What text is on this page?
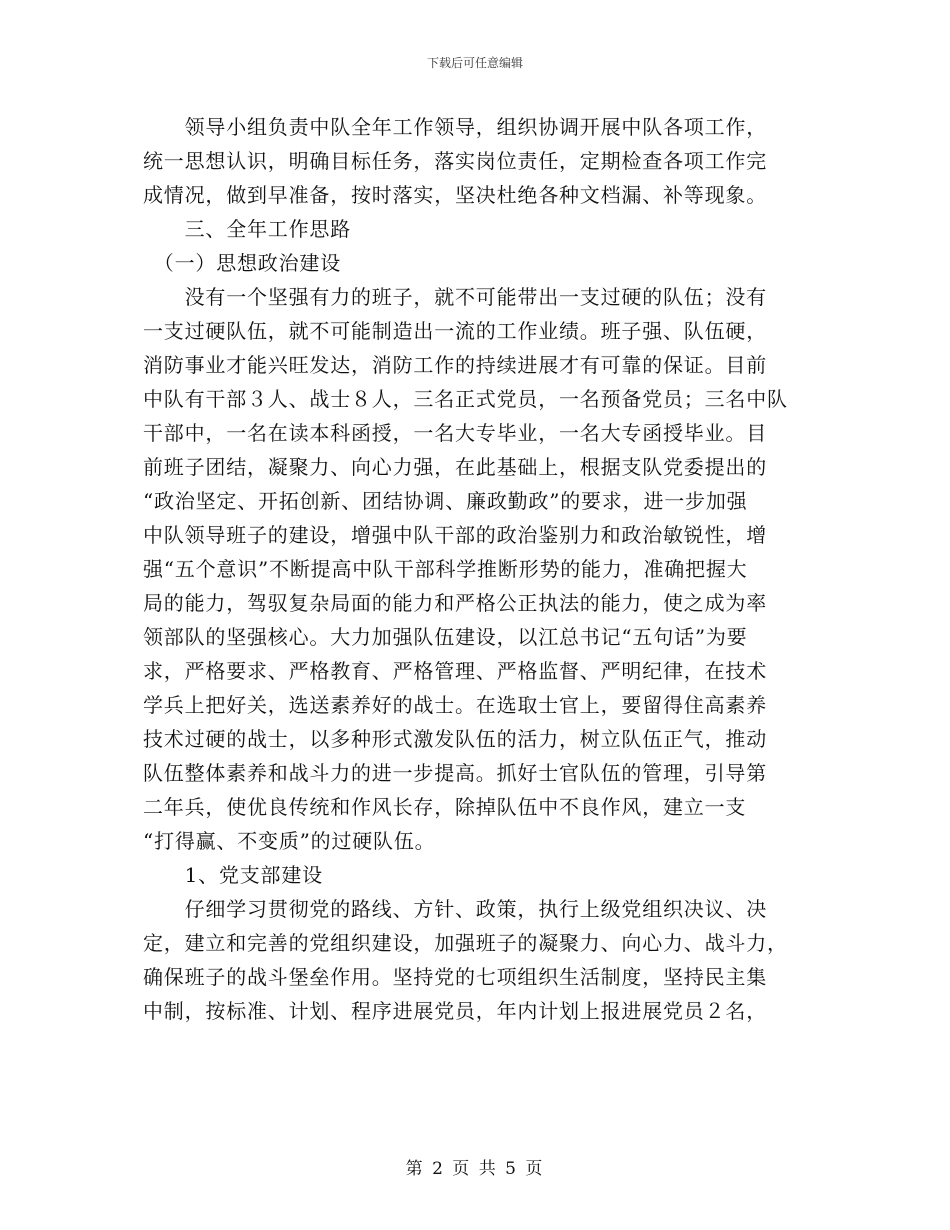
下载后可任意编辑
　　领导小组负责中队全年工作领导，组织协调开展中队各项工作，
统一思想认识，明确目标任务，落实岗位责任，定期检查各项工作完
成情况，做到早准备，按时落实，坚决杜绝各种文档漏、补等现象。
　　三、全年工作思路
　（一）思想政治建设
　　没有一个坚强有力的班子，就不可能带出一支过硬的队伍；没有
一支过硬队伍，就不可能制造出一流的工作业绩。班子强、队伍硬，
消防事业才能兴旺发达，消防工作的持续进展才有可靠的保证。目前
中队有干部３人、战士８人，三名正式党员，一名预备党员；三名中队
干部中，一名在读本科函授，一名大专毕业，一名大专函授毕业。目
前班子团结，凝聚力、向心力强，在此基础上，根据支队党委提出的
“政治坚定、开拓创新、团结协调、廉政勤政”的要求，进一步加强
中队领导班子的建设，增强中队干部的政治鉴别力和政治敏锐性，增
强“五个意识”不断提高中队干部科学推断形势的能力，准确把握大
局的能力，驾驭复杂局面的能力和严格公正执法的能力，使之成为率
领部队的坚强核心。大力加强队伍建设，以江总书记“五句话”为要
求，严格要求、严格教育、严格管理、严格监督、严明纪律，在技术
学兵上把好关，选送素养好的战士。在选取士官上，要留得住高素养
技术过硬的战士，以多种形式激发队伍的活力，树立队伍正气，推动
队伍整体素养和战斗力的进一步提高。抓好士官队伍的管理，引导第
二年兵，使优良传统和作风长存，除掉队伍中不良作风，建立一支
“打得赢、不变质”的过硬队伍。
　　1、党支部建设
　　仔细学习贯彻党的路线、方针、政策，执行上级党组织决议、决
定，建立和完善的党组织建设，加强班子的凝聚力、向心力、战斗力，
确保班子的战斗堡垒作用。坚持党的七项组织生活制度，坚持民主集
中制，按标准、计划、程序进展党员，年内计划上报进展党员２名，
第 2 页 共 5 页
